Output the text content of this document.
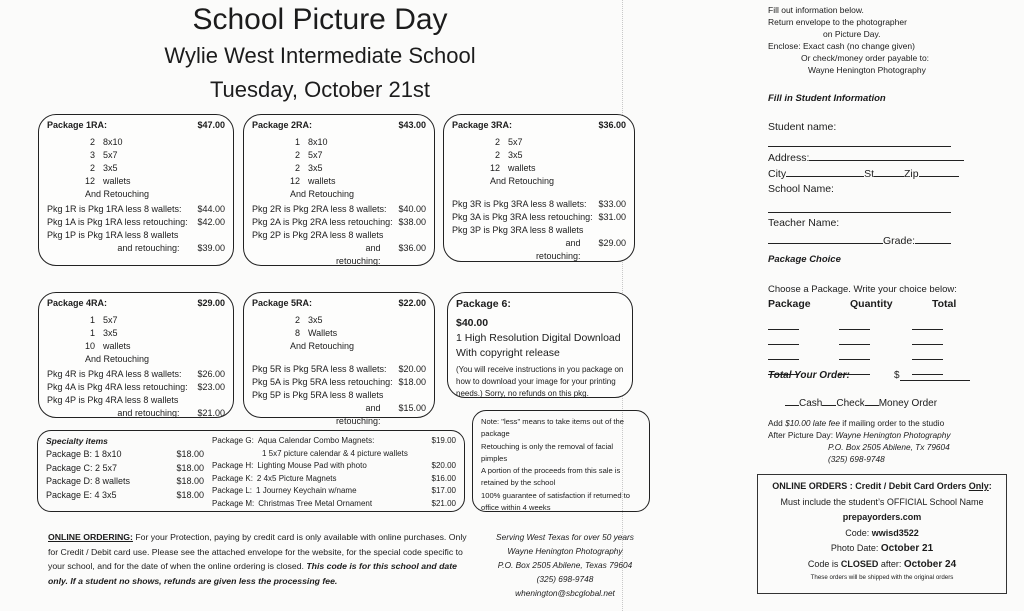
School Picture Day
Wylie West Intermediate School
Tuesday, October 21st
Package 1RA:	$47.00
2 8x10
3 5x7
2 3x5
12 wallets
And Retouching
Pkg 1R is Pkg 1RA less 8 wallets: $44.00
Pkg 1A is Pkg 1RA less retouching: $42.00
Pkg 1P is Pkg 1RA less 8 wallets
and retouching:	$39.00
Package 2RA:	$43.00
1 8x10
2 5x7
2 3x5
12 wallets
And Retouching
Pkg 2R is Pkg 2RA less 8 wallets: $40.00
Pkg 2A is Pkg 2RA less retouching: $38.00
Pkg 2P is Pkg 2RA less 8 wallets
and retouching:
$36.00
Package 3RA:	$36.00
2 5x7
2 3x5
12 wallets
And Retouching
Pkg 3R is Pkg 3RA less 8 wallets: $33.00
Pkg 3A is Pkg 3RA less retouching: $31.00
Pkg 3P is Pkg 3RA less 8 wallets
and retouching:
$29.00
Package 4RA:	$29.00
1 5x7
1 3x5
10 wallets
And Retouching
Pkg 4R is Pkg 4RA less 8 wallets: $26.00
Pkg 4A is Pkg 4RA less retouching: $23.00
Pkg 4P is Pkg 4RA less 8 wallets
and retouching:	$21.00
Package 5RA:	$22.00
2 3x5
8 Wallets
And Retouching
Pkg 5R is Pkg 5RA less 8 wallets: $20.00
Pkg 5A is Pkg 5RA less retouching: $18.00
Pkg 5P is Pkg 5RA less 8 wallets
and retouching:
$15.00
Package 6:
$40.00
1 High Resolution Digital Download
With copyright release
(You will receive instructions in you package on how to download your image for your printing needs.) Sorry, no refunds on this pkg.
Specialty items
Package B: 1 8x10	$18.00
Package C: 2 5x7	$18.00
Package D: 8 wallets	$18.00
Package E: 4 3x5	$18.00
Package G: Aqua Calendar Combo Magnets:	$19.00
1 5x7 picture calendar & 4 picture wallets
Package H: Lighting Mouse Pad with photo	$20.00
Package K: 2 4x5 Picture Magnets	$16.00
Package L: 1 Journey Keychain w/name	$17.00
Package M: Christmas Tree Metal Ornament	$21.00
Note: "less" means to take items out of the package
Retouching is only the removal of facial pimples
A portion of the proceeds from this sale is retained by the school
100% guarantee of satisfaction if returned to office within 4 weeks
ONLINE ORDERING: For your Protection, paying by credit card is only available with online purchases. Only for Credit / Debit card use. Please see the attached envelope for the website, for the special code specific to your school, and for the date of when the online ordering is closed. This code is for this school and date only. If a student no shows, refunds are given less the processing fee.
Serving West Texas for over 50 years
Wayne Henington Photography
P.O. Box 2505 Abilene, Texas 79604
(325) 698-9748
whenington@sbcglobal.net
Fill out information below.
Return envelope to the photographer
on Picture Day.
Enclose: Exact cash (no change given)
Or check/money order payable to:
Wayne Henington Photography
Fill in Student Information
Student name:
Address:
City	St	Zip
School Name:
Teacher Name:
Grade:
Package Choice
Choose a Package. Write your choice below:
Package	Quantity	Total
Total Your Order:	$
Cash Check Money Order
Add $10.00 late fee if mailing order to the studio
After Picture Day: Wayne Henington Photography
P.O. Box 2505 Abilene, Tx 79604
(325) 698-9748
ONLINE ORDERS : Credit / Debit Card Orders Only:
Must include the student’s OFFICIAL School Name
prepayorders.com
Code: wwisd3522
Photo Date: October 21
Code is CLOSED after: October 24
These orders will be shipped with the original orders
